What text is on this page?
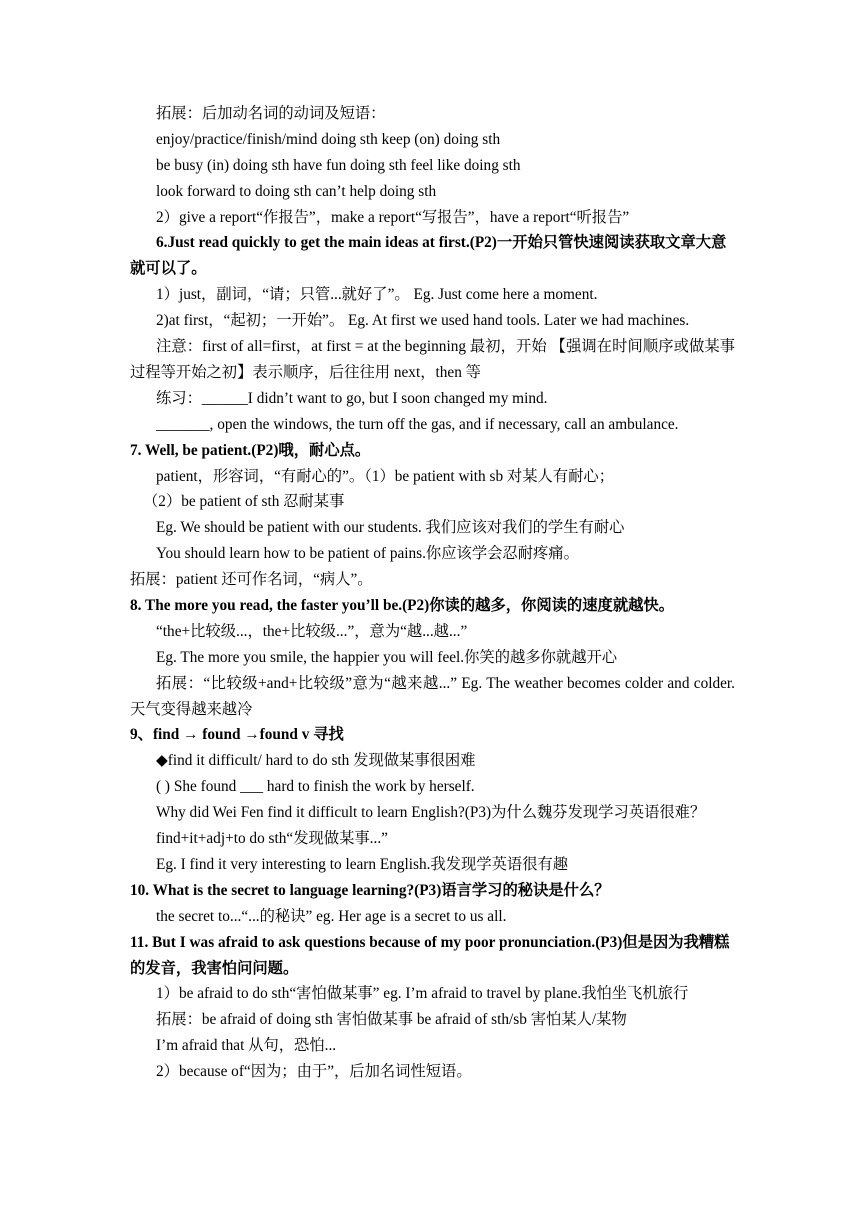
拓展：后加动名词的动词及短语：
enjoy/practice/finish/mind doing sth keep (on) doing sth
be busy (in) doing sth have fun doing sth feel like doing sth
look forward to doing sth can’t help doing sth
2）give a report“作报告”，make a report“写报告”，have a report“听报告”
6.Just read quickly to get the main ideas at first.(P2)一开始只管快速阅读获取文章大意就可以了。
1）just，副词，“请；只管...就好了”。 Eg. Just come here a moment.
2)at first，“起初；一开始”。 Eg. At first we used hand tools. Later we had machines.
注意：first of all=first，at first = at the beginning 最初，开始 【强调在时间顺序或做某事过程等开始之初】表示顺序，后往往用 next，then 等
练习：______I didn’t want to go, but I soon changed my mind.
_______, open the windows, the turn off the gas, and if necessary, call an ambulance.
7. Well, be patient.(P2)哦，耐心点。
patient，形容词，“有耐心的”。（1）be patient with sb 对某人有耐心；
（2）be patient of sth 忍耐某事
Eg. We should be patient with our students. 我们应该对我们的学生有耐心
You should learn how to be patient of pains.你应该学会忍耐疼痛。
拓展：patient 还可作名词，“病人”。
8. The more you read, the faster you’ll be.(P2)你读的越多，你阅读的速度就越快。
“the+比较级...，the+比较级...”，意为“越...越...”
Eg. The more you smile, the happier you will feel.你笑的越多你就越开心
拓展：“比较级+and+比较级”意为“越来越...” Eg. The weather becomes colder and colder.天气变得越来越冷
9、find → found →found v 寻找
◆find it difficult/ hard to do sth 发现做某事很困难
( ) She found ___ hard to finish the work by herself.
Why did Wei Fen find it difficult to learn English?(P3)为什么魏芬发现学习英语很难？
find+it+adj+to do sth“发现做某事...”
Eg. I find it very interesting to learn English.我发现学英语很有趣
10. What is the secret to language learning?(P3)语言学习的秘诀是什么？
the secret to...“...的秘诀” eg. Her age is a secret to us all.
11. But I was afraid to ask questions because of my poor pronunciation.(P3)但是因为我糟糕的发音，我害怕问问题。
1）be afraid to do sth“害怕做某事” eg. I’m afraid to travel by plane.我怕坐飞机旅行
拓展：be afraid of doing sth 害怕做某事 be afraid of sth/sb 害怕某人/某物
I’m afraid that 从句，恐怕...
2）because of“因为；由于”，后加名词性短语。
